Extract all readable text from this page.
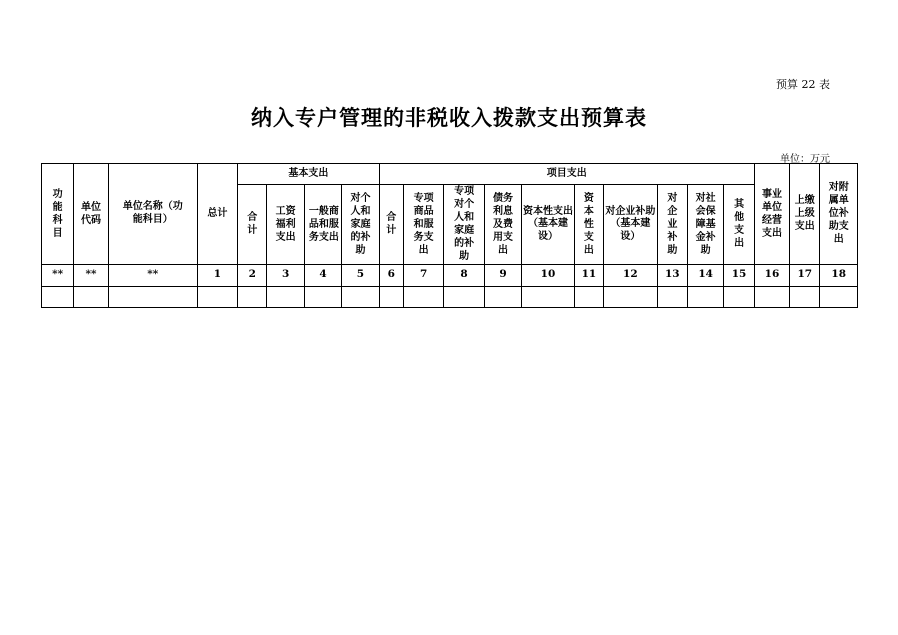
预算 22 表
纳入专户管理的非税收入拨款支出预算表
单位：万元
功能科目	单位代码	单位名称（功能科目）	总计	基本支出				项目支出										事业单位经营支出	上缴上级支出	对附属单位补助支出
				合计	工资福利支出	一般商品和服务支出	对个人和家庭的补助	合计	专项商品和服务支出	专项对个人和家庭的补助	债务利息及费用支出	资本性支出（基本建设）	资本性支出	对企业补助（基本建设）	对企业补助	对社会保障基金补助	其他支出			
**	**	**	1	2	3	4	5	6	7	8	9	10	11	12	13	14	15	16	17	18
